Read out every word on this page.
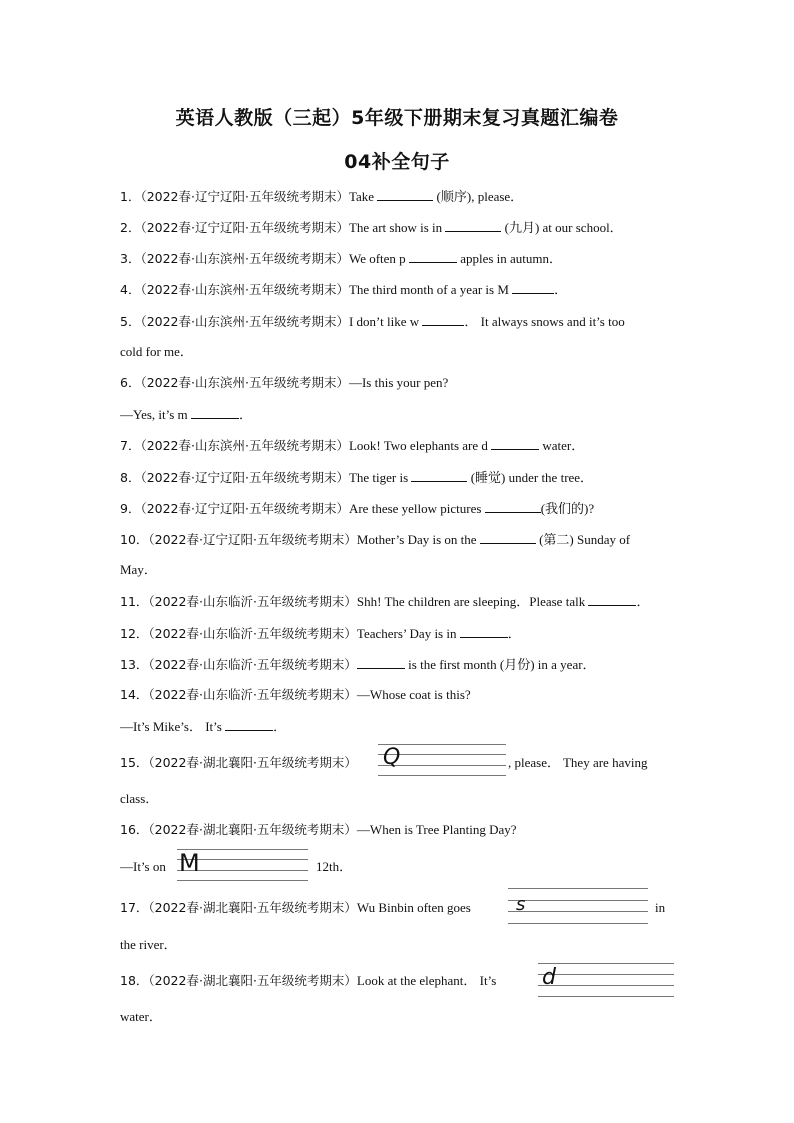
英语人教版（三起）5年级下册期末复习真题汇编卷
04补全句子
1．（2022春·辽宁辽阳·五年级统考期末）Take	(顺序), please．
2．（2022春·辽宁辽阳·五年级统考期末）The art show is in	(九月) at our school．
3．（2022春·山东滨州·五年级统考期末）We often p	apples in autumn．
4．（2022春·山东滨州·五年级统考期末）The third month of a year is M	．
5．（2022春·山东滨州·五年级统考期末）I don’t like w	． It always snows and it’s too
cold for me．
6．（2022春·山东滨州·五年级统考期末）—Is this your pen?
—Yes, it’s m	．
7．（2022春·山东滨州·五年级统考期末）Look! Two elephants are d	water．
8．（2022春·辽宁辽阳·五年级统考期末）The tiger is	(睡觉) under the tree．
9．（2022春·辽宁辽阳·五年级统考期末）Are these yellow pictures	(我们的)?
10．（2022春·辽宁辽阳·五年级统考期末）Mother’s Day is on the	(第二) Sunday of
May．
11．（2022春·山东临沂·五年级统考期末）Shh! The children are sleeping．Please talk	．
12．（2022春·山东临沂·五年级统考期末）Teachers’ Day is in	．
13．（2022春·山东临沂·五年级统考期末）	is the first month (月份) in a year．
14．（2022春·山东临沂·五年级统考期末）—Whose coat is this?
—It’s Mike’s． It’s	．
15．（2022春·湖北襄阳·五年级统考期末） Q	, please． They are having
class．
16．（2022春·湖北襄阳·五年级统考期末）—When is Tree Planting Day?
—It’s on M	12th．
17．（2022春·湖北襄阳·五年级统考期末）Wu Binbin often goes	s	in
the river．
18．（2022春·湖北襄阳·五年级统考期末）Look at the elephant． It’s d
water．
